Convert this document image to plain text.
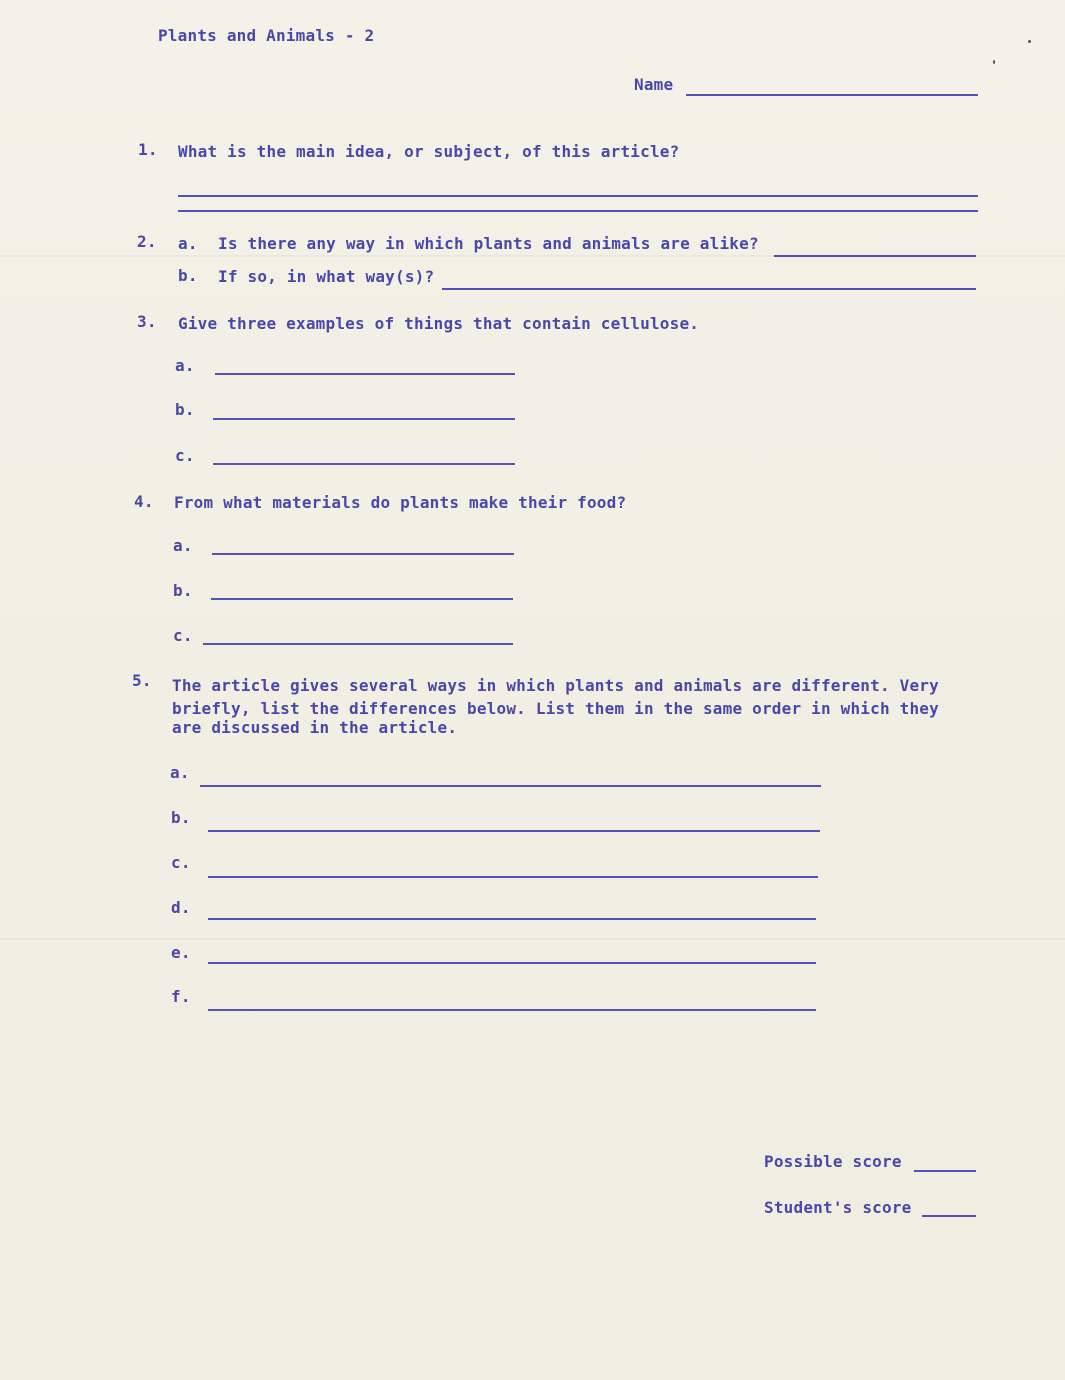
Plants and Animals - 2
Name
1. What is the main idea, or subject, of this article?
2. a. Is there any way in which plants and animals are alike?
b. If so, in what way(s)?
3. Give three examples of things that contain cellulose.
a.
b.
c.
4. From what materials do plants make their food?
a.
b.
c.
5. The article gives several ways in which plants and animals are different. Very
briefly, list the differences below. List them in the same order in which they
are discussed in the article.
a.
b.
c.
d.
e.
f.
Possible score
Student's score
